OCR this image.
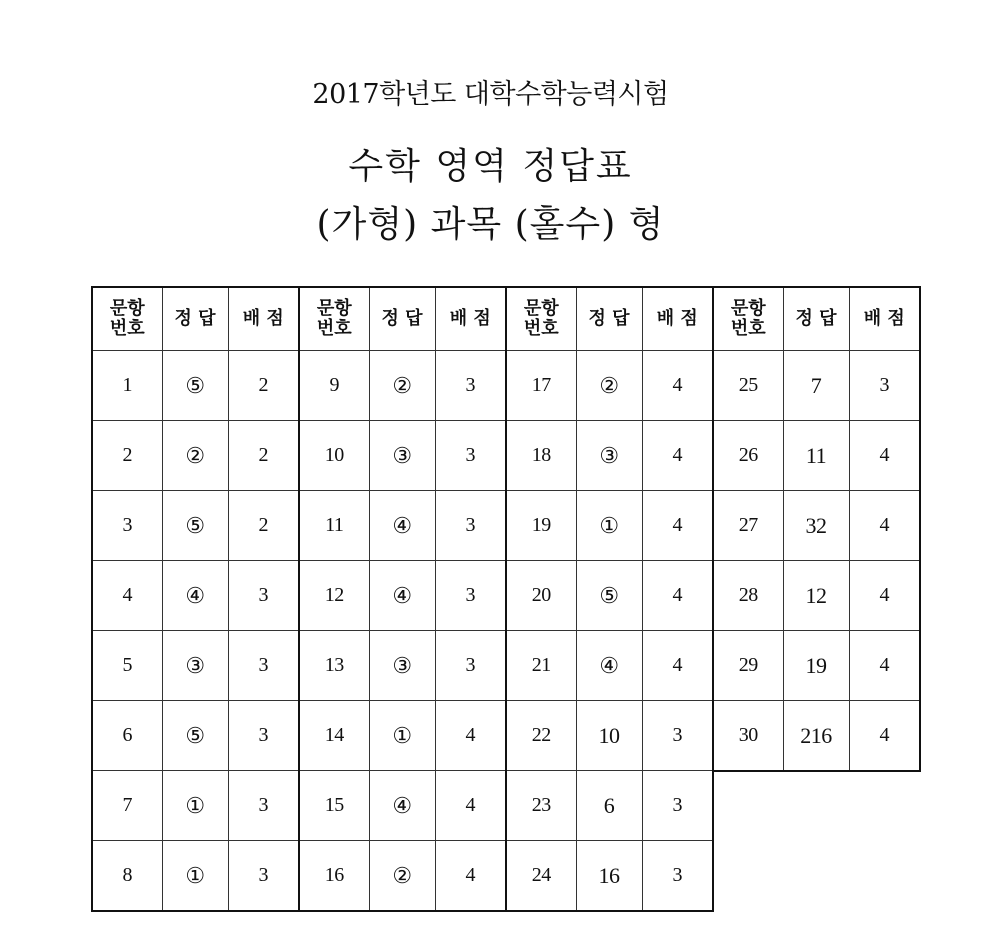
2017학년도 대학수학능력시험
수학 영역 정답표
(가형) 과목 (홀수) 형
문항
번호	정 답	배 점
1	⑤	2
2	②	2
3	⑤	2
4	④	3
5	③	3
6	⑤	3
7	①	3
8	①	3
문항
번호	정 답	배 점
9	②	3
10	③	3
11	④	3
12	④	3
13	③	3
14	①	4
15	④	4
16	②	4
문항
번호	정 답	배 점
17	②	4
18	③	4
19	①	4
20	⑤	4
21	④	4
22	10	3
23	6	3
24	16	3
문항
번호	정 답	배 점
25	7	3
26	11	4
27	32	4
28	12	4
29	19	4
30	216	4
